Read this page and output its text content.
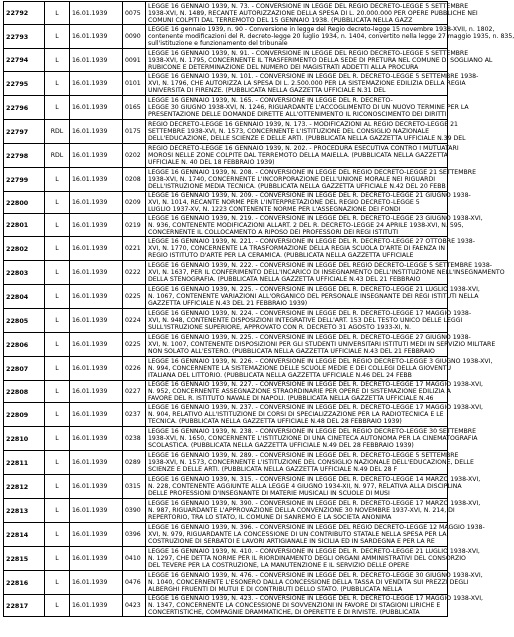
22792	L	16.01.1939	0075	LEGGE 16 GENNAIO 1939, N. 73. - CONVERSIONE IN LEGGE DEL REGIO DECRETO-LEGGE 5 SETTEMBRE
1938-XVI, N. 1489, RECANTE AUTORIZZAZIONE DELLA SPESA DI L. 20.000.000 PER OPERE PUBBLICHE NEI
COMUNI COLPITI DAL TERREMOTO DEL 15 GENNAIO 1938. (PUBBLICATA NELLA GAZZ

22793	L	16.01.1939	0090	LEGGE 16 gennaio 1939, n. 90 - Conversione in legge del Regio decreto-legge 15 novembre 1938-XVII, n. 1802,
contenente modificazioni del R. decreto-legge 20 luglio 1934, n. 1404, convertito nella legge 27 maggio 1935, n. 835,
sull'istituzione e funzionamento del tribunale

22794	L	16.01.1939	0091	LEGGE 16 GENNAIO 1939, N. 91. - CONVERSIONE IN LEGGE DEL REGIO DECRETO-LEGGE 5 SETTEMBRE
1938-XVI, N. 1795, CONCERNENTE IL TRASFERIMENTO DELLA SEDE DI PRETURA NEL COMUNE DI SOGLIANO AL
RUBICONE E DETERMINAZIONE DEL NUMERO DEI MAGISTRATI ADDETTI ALLA PROCURA

22795	L	16.01.1939	0101	LEGGE 16 GENNAIO 1939, N. 101. - CONVERSIONE IN LEGGE DEL R. DECRETO-LEGGE 5 SETTEMBRE 1938-
XVI, N. 1796, CHE AUTORIZZA LA SPESA DI L. 2.500.000 PER LA SISTEMAZIONE EDILIZIA DELLA REGIA
UNIVERSITA DI FIRENZE. (PUBBLICATA NELLA GAZZETTA UFFICIALE N.31 DEL

22796	L	16.01.1939	0165	LEGGE 16 GENNAIO 1939, N. 165. - CONVERSIONE IN LEGGE DEL R. DECRETO-
LEGGE 30 GIUGNO 1938-XVI, N. 1246, RIGUARDANTE L'ACCOGLIMENTO DI UN NUOVO TERMINE PER LA
PRESENTAZIONE DELLE DOMANDE DIRETTE ALL'OTTENIMENTO IL RICONOSCIMENTO DEI DIRITTI

22797	RDL	16.01.1939	0175	REGIO DECRETO-LEGGE 16 GENNAIO 1939, N. 173. - MODIFICAZIONI AL REGIO DECRETO-LEGGE 21
SETTEMBRE 1938-XVI, N. 1573, CONCERNENTE L'ISTITUZIONE DEL CONSIGLIO NAZIONALE
DELL'EDUCAZIONE, DELLE SCIENZE E DELLE ARTI. (PUBBLICATA NELLA GAZZETTA UFFICIALE N.39 DEL

22798	RDL	16.01.1939	0202	REGIO DECRETO-LEGGE 16 GENNAIO 1939, N. 202. - PROCEDURA ESECUTIVA CONTRO I MUTUATARI
MOROSI NELLE ZONE COLPITE DAL TERREMOTO DELLA MAIELLA. (PUBBLICATA NELLA GAZZETTA
UFFICIALE N. 40 DEL 18 FEBBRAIO 1939)

22799	L	16.01.1939	0208	LEGGE 16 GENNAIO 1939, N. 208. - CONVERSIONE IN LEGGE DEL REGIO DECRETO-LEGGE 21 SETTEMBRE
1938-XVI, N. 1740, CONCERNENTE L'INCORPORAZIONE DELL'UNIONE MORALE NEI RIGUARDI
DELL'ISTRUZIONE MEDIA TECNICA. (PUBBLICATA NELLA GAZZETTA UFFICIALE N.42 DEL 20 FEBB

22800	L	16.01.1939	0209	LEGGE 16 GENNAIO 1939, N. 209. - CONVERSIONE IN LEGGE DEL R. DECRETO-LEGGE 21 GIUGNO 1938-
XVI, N. 1014, RECANTE NORME PER L'INTERPRETAZIONE DEL REGIO DECRETO-LEGGE 5
LUGLIO 1937-XV, N. 1223 CONTENENTE NORME PER L'ASSEGNAZIONE DEI FONDI

22801	L	16.01.1939	0219	LEGGE 16 GENNAIO 1939, N. 219. - CONVERSIONE IN LEGGE DEL R. DECRETO-LEGGE 23 GIUGNO 1938-XVI,
N. 936, CONTENENTE MODIFICAZIONI ALLART. 2 DEL R. DECRETO-LEGGE 24 APRILE 1938-XVI, N. 595,
CONCERNENTE IL COLLOCAMENTO A RIPOSO DEI PROFESSORI DEI REGI ISTITUTI

22802	L	16.01.1939	0221	LEGGE 16 GENNAIO 1939, N. 221. - CONVERSIONE IN LEGGE DEL R. DECRETO-LEGGE 27 OTTOBRE 1938-
XVI, N. 1770, CONCERNENTE LA TRASFORMAZIONE DELLA REGIA SCUOLA D'ARTE DI FAENZA IN
REGIO ISTITUTO D'ARTE PER LA CERAMICA. (PUBBLICATA NELLA GAZZETTA UFFICIALE

22803	L	16.01.1939	0222	LEGGE 16 GENNAIO 1939, N. 222. - CONVERSIONE IN LEGGE DEL REGIO DECRETO-LEGGE 5 SETTEMBRE 1938-
XVI, N. 1637, PER IL CONFERIMENTO DELL'INCARICO DI INSEGNAMENTO DELL'INSTITUZIONE NELL'INSEGNAMENTO
DELLA STENOGRAFIA. (PUBBLICATA NELLA GAZZETTA UFFICIALE N.43 DEL 21 FEBBRAIO

22804	L	16.01.1939	0225	LEGGE 16 GENNAIO 1939, N. 225. - CONVERSIONE IN LEGGE DEL R. DECRETO-LEGGE 21 LUGLIO 1938-XVI,
N. 1067, CONTENENTE VARIAZIONI ALL'ORGANICO DEL PERSONALE INSEGNANTE DEI REGI ISTITUTI NELLA
GAZZETTA UFFICIALE N.43 DEL 21 FEBBRAIO 1939)

22805	L	16.01.1939	0224	LEGGE 16 GENNAIO 1939, N. 224. - CONVERSIONE IN LEGGE DEL R. DECRETO-LEGGE 17 MAGGIO 1938-
XVI, N. 948, CONTENENTE DISPOSIZIONI INTEGRATIVE DELL'ART. 153 DEL TESTO UNICO DELLE LEGGI
SULL'ISTRUZIONE SUPERIORE, APPROVATO CON R. DECRETO 31 AGOSTO 1933-XI, N.

22806	L	16.01.1939	0225	LEGGE 16 GENNAIO 1939, N. 225. - CONVERSIONE IN LEGGE DEL R. DECRETO-LEGGE 27 GIUGNO 1938-
XVI, N. 1007, CONTENENTE DISPOSIZIONI PER GLI STUDENTI UNIVERSITARI ISTITUTI MEDI IN SERVIZIO MILITARE
NON SOLATO ALL'ESTERO. (PUBBLICATA NELLA GAZZETTA UFFICIALE N.43 DEL 21 FEBBRAIO

22807	L	16.01.1939	0226	LEGGE 16 GENNAIO 1939, N. 226. - CONVERSIONE IN LEGGE DEL REGIO DECRETO-LEGGE 3 GIUGNO 1938-XVI,
N. 994, CONCERNENTE LA SISTEMAZIONE DELLE SCUOLE MEDIE E DEI COLLEGI DELLA GIOVENTU
ITALIANA DEL LITTORIO. (PUBBLICATA NELLA GAZZETTA UFFICIALE N.46 DEL 24 FEBB

22808	L	16.01.1939	0227	LEGGE 16 GENNAIO 1939, N. 227. - CONVERSIONE IN LEGGE DEL R. DECRETO-LEGGE 17 MAGGIO 1938-XVI,
N. 952, CONCERNENTE ASSEGNAZIONE STRAORDINARIE PER OPERE DI SISTEMAZIONE EDILIZIA A
FAVORE DEL R. ISTITUTO NAVALE DI NAPOLI. (PUBBLICATA NELLA GAZZETTA UFFICIALE N.46

22809	L	16.01.1939	0237	LEGGE 16 GENNAIO 1939, N. 237. - CONVERSIONE IN LEGGE DEL R. DECRETO-LEGGE 17 MAGGIO 1938-XVI,
N. 904, RELATIVO ALL'ISTITUZIONE DI CORSI DI SPECIALIZZAZIONE PER LA RADIOTECNICA E LE
TECNICA. (PUBBLICATA NELLA GAZZETTA UFFICIALE N.48 DEL 28 FEBBRAIO 1939)

22810	L	16.01.1939	0238	LEGGE 16 GENNAIO 1939, N. 238. - CONVERSIONE IN LEGGE DEL REGIO DECRETO-LEGGE 30 SETTEMBRE
1938-XVI, N. 1650, CONCERNENTE L'ISTITUZIONE DI UNA CINETECA AUTONOMA PER LA CINEMATOGRAFIA
SCOLASTICA. (PUBBLICATA NELLA GAZZETTA UFFICIALE N.49 DEL 28 FEBBRAIO 1939)

22811	L	16.01.1939	0289	LEGGE 16 GENNAIO 1939, N. 289. - CONVERSIONE IN LEGGE DEL R. DECRETO-LEGGE 5 SETTEMBRE
1938-XVI, N. 1573, CONCERNENTE L'ISTITUZIONE DEL CONSIGLIO NAZIONALE DELL'EDUCAZIONE, DELLE
SCIENZE E DELLE ARTI. (PUBBLICATA NELLA GAZZETTA UFFICIALE N.49 DEL 28 F

22812	L	16.01.1939	0315	LEGGE 16 GENNAIO 1939, N. 315. - CONVERSIONE IN LEGGE DEL R. DECRETO-LEGGE 14 MARZO 1938-XVI,
N. 228, CONTENENTE AGGIUNTE ALLA LEGGE 4 GIUGNO 1934-XII, N. 977, RELATIVA ALLA DISCIPLINA
DELLE PROFESSIONI D'INSEGNANTE DI MATERIE MUSICALI IN SCUOLE DI MUSI

22813	L	16.01.1939	0390	LEGGE 16 GENNAIO 1939, N. 390. - CONVERSIONE IN LEGGE DEL R. DECRETO-LEGGE 17 MARZO 1938-XVI,
N. 987, RIGUARDANTE L'APPROVAZIONE DELLA CONVENZIONE 30 NOVEMBRE 1937-XVI, N. 214, DI
REPERTORIO, TRA LO STATO, IL COMUNE DI SANREMO E LA SOCIETA ANONIMA

22814	L	16.01.1939	0396	LEGGE 16 GENNAIO 1939, N. 396. - CONVERSIONE IN LEGGE DEL REGIO DECRETO-LEGGE 12 MAGGIO 1938-
XVI, N. 979, RIGUARDANTE LA CONCESSIONE DI UN CONTRIBUTO STATALE NELLA SPESA PER LA
COSTRUZIONE DI SERBATOI E LAVORI ARTIGIANALE IN SICILIA ED IN SARDEGNA E PER LA RE

22815	L	16.01.1939	0410	LEGGE 16 GENNAIO 1939, N. 410. - CONVERSIONE IN LEGGE DEL R. DECRETO-LEGGE 21 LUGLIO 1938-XVI,
N. 1297, CHE DETTA NORME PER IL RIORDINAMENTO DEGLI ORGANI AMMINISTRATIVI DEL CONSORZIO
DEL TEVERE PER LA COSTRUZIONE, LA MANUTENZIONE E IL SERVIZIO DELLE OPERE

22816	L	16.01.1939	0476	LEGGE 16 GENNAIO 1939, N. 476. - CONVERSIONE IN LEGGE DEL R. DECRETO-LEGGE 30 GIUGNO 1938-XVI,
N. 1040, CONCERNENTE L'ESONERO DALLA CONCESSIONE DELLA TASSA DI VENDITA SUI PREZZI DEGLI
ALBERGHI FRUENTI DI MUTUI E DI CONTRIBUTI DELLO STATO. (PUBBLICATA NELLA

22817	L	16.01.1939	0423	LEGGE 16 GENNAIO 1939, N. 423. - CONVERSIONE IN LEGGE DEL R. DECRETO-LEGGE 17 MAGGIO 1938-XVI,
N. 1347, CONCERNENTE LA CONCESSIONE DI SOVVENZIONI IN FAVORE DI STAGIONI LIRICHE E
CONCERTISTICHE, COMPAGNIE DRAMMATICHE, DI OPERETTE E DI RIVISTE. (PUBBLICATA
